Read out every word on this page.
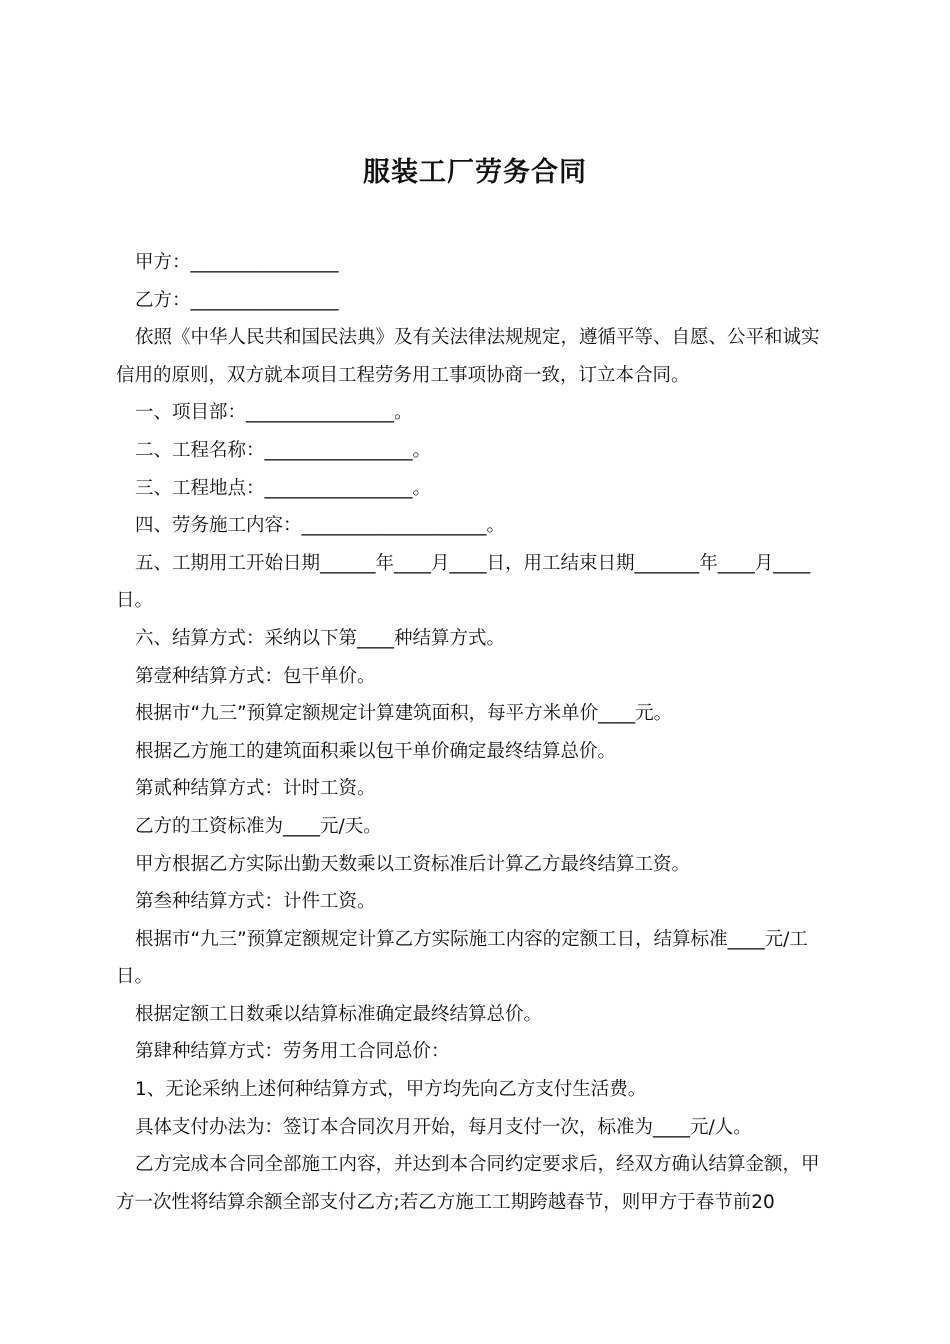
服装工厂劳务合同

甲方：________________

乙方：________________

依照《中华人民共和国民法典》及有关法律法规规定，遵循平等、自愿、公平和诚实信用的原则，双方就本项目工程劳务用工事项协商一致，订立本合同。

一、项目部：________________。

二、工程名称：________________。

三、工程地点：________________。

四、劳务施工内容：____________________。

五、工期用工开始日期______年____月____日，用工结束日期_______年____月____日。

六、结算方式：采纳以下第____种结算方式。

第壹种结算方式：包干单价。

根据市“九三”预算定额规定计算建筑面积，每平方米单价____元。

根据乙方施工的建筑面积乘以包干单价确定最终结算总价。

第贰种结算方式：计时工资。

乙方的工资标准为____元/天。

甲方根据乙方实际出勤天数乘以工资标准后计算乙方最终结算工资。

第叁种结算方式：计件工资。

根据市“九三”预算定额规定计算乙方实际施工内容的定额工日，结算标准____元/工日。

根据定额工日数乘以结算标准确定最终结算总价。

第肆种结算方式：劳务用工合同总价：

1、无论采纳上述何种结算方式，甲方均先向乙方支付生活费。

具体支付办法为：签订本合同次月开始，每月支付一次，标准为____元/人。

乙方完成本合同全部施工内容，并达到本合同约定要求后，经双方确认结算金额，甲方一次性将结算余额全部支付乙方;若乙方施工工期跨越春节，则甲方于春节前20
